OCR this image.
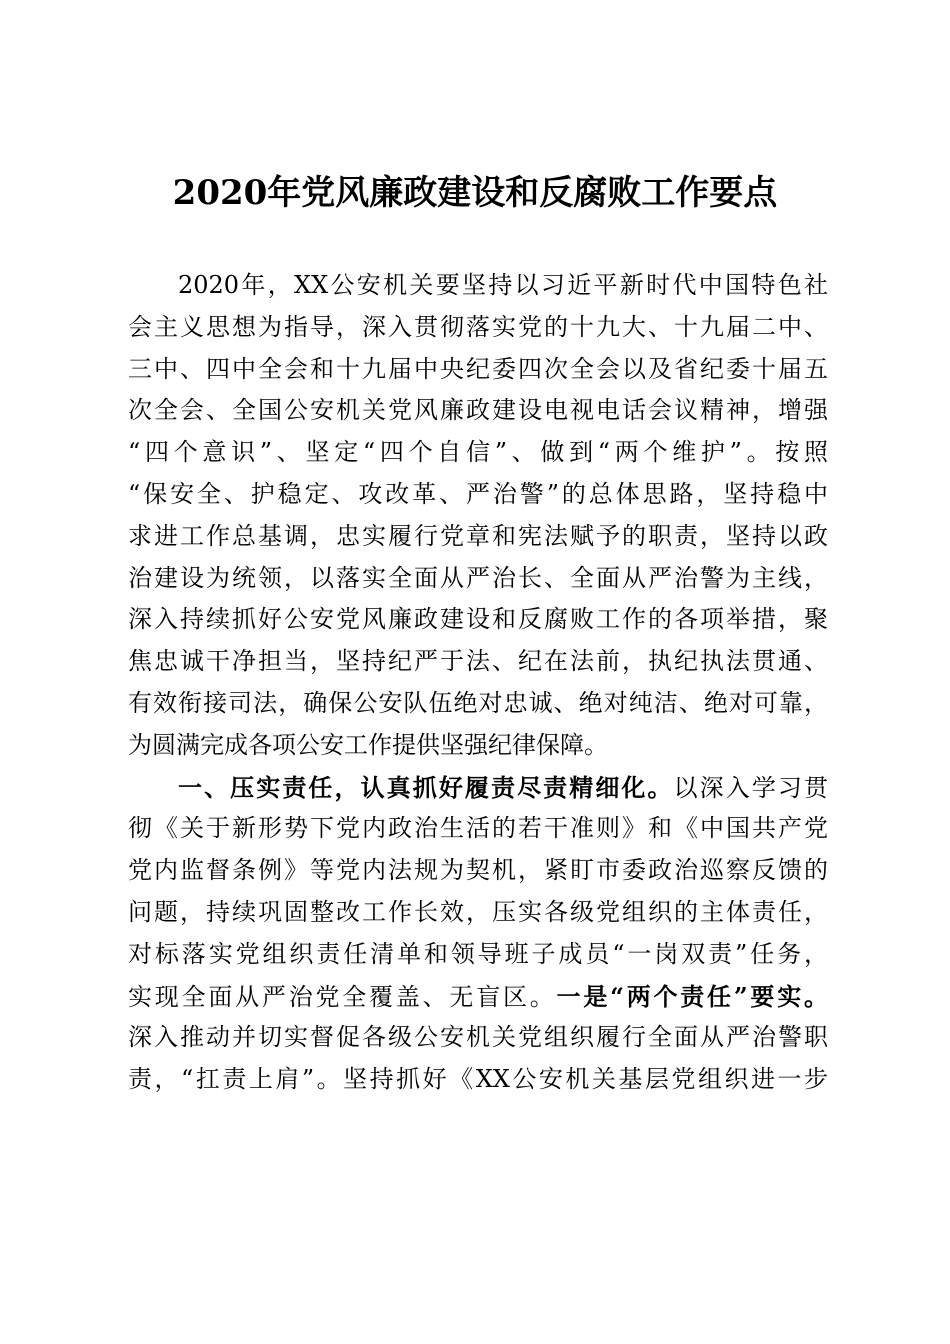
2020年党风廉政建设和反腐败工作要点
2020年，XX公安机关要坚持以习近平新时代中国特色社
会主义思想为指导，深入贯彻落实党的十九大、十九届二中、
三中、四中全会和十九届中央纪委四次全会以及省纪委十届五
次全会、全国公安机关党风廉政建设电视电话会议精神，增强
“四个意识”、坚定“四个自信”、做到“两个维护”。按照
“保安全、护稳定、攻改革、严治警”的总体思路，坚持稳中
求进工作总基调，忠实履行党章和宪法赋予的职责，坚持以政
治建设为统领，以落实全面从严治长、全面从严治警为主线，
深入持续抓好公安党风廉政建设和反腐败工作的各项举措，聚
焦忠诚干净担当，坚持纪严于法、纪在法前，执纪执法贯通、
有效衔接司法，确保公安队伍绝对忠诚、绝对纯洁、绝对可靠，
为圆满完成各项公安工作提供坚强纪律保障。
一、压实责任，认真抓好履责尽责精细化。以深入学习贯
彻《关于新形势下党内政治生活的若干准则》和《中国共产党
党内监督条例》等党内法规为契机，紧盯市委政治巡察反馈的
问题，持续巩固整改工作长效，压实各级党组织的主体责任，
对标落实党组织责任清单和领导班子成员“一岗双责”任务，
实现全面从严治党全覆盖、无盲区。一是“两个责任”要实。
深入推动并切实督促各级公安机关党组织履行全面从严治警职
责，“扛责上肩”。坚持抓好《XX公安机关基层党组织进一步
